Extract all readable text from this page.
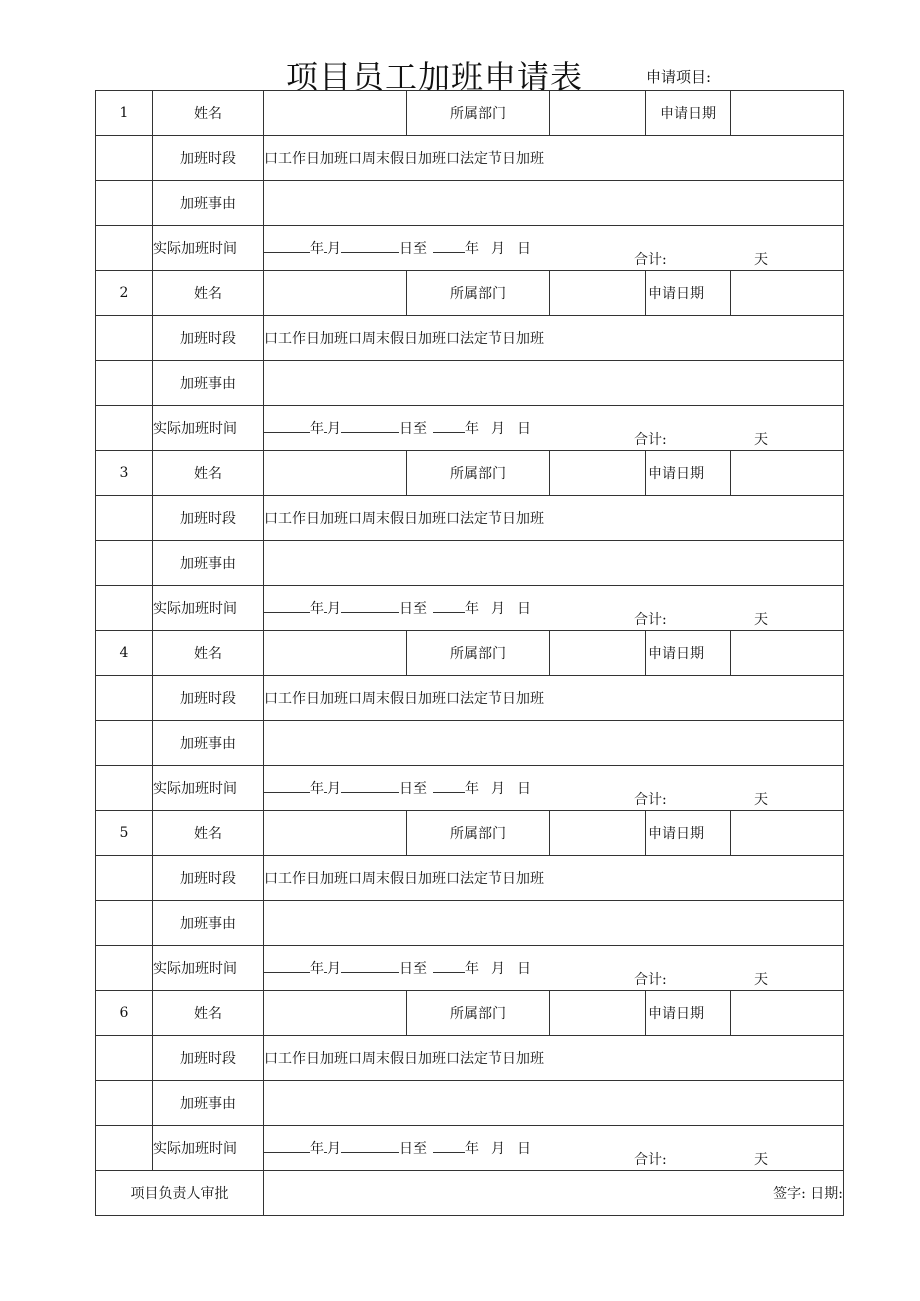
项目员工加班申请表	申请项目:
1	姓名		所属部门		申请日期	
	加班时段	口工作日加班口周末假日加班口法定节日加班				
	加班事由					
	实际加班时间	年 月 日至 年 月 日
合计: 天				

2	姓名		所属部门		申请日期	
	加班时段	口工作日加班口周末假日加班口法定节日加班				
	加班事由					
	实际加班时间	年 月 日至 年 月 日
合计: 天				

3	姓名		所属部门		申请日期	
	加班时段	口工作日加班口周末假日加班口法定节日加班				
	加班事由					
	实际加班时间	年 月 日至 年 月 日
合计: 天				

4	姓名		所属部门		申请日期	
	加班时段	口工作日加班口周末假日加班口法定节日加班				
	加班事由					
	实际加班时间	年 月 日至 年 月 日
合计: 天				

5	姓名		所属部门		申请日期	
	加班时段	口工作日加班口周末假日加班口法定节日加班				
	加班事由					
	实际加班时间	年 月 日至 年 月 日
合计: 天				

6	姓名		所属部门		申请日期	
	加班时段	口工作日加班口周末假日加班口法定节日加班				
	加班事由					
	实际加班时间	年 月 日至 年 月 日
合计: 天				

项目负责人审批		签字: 日期:				
